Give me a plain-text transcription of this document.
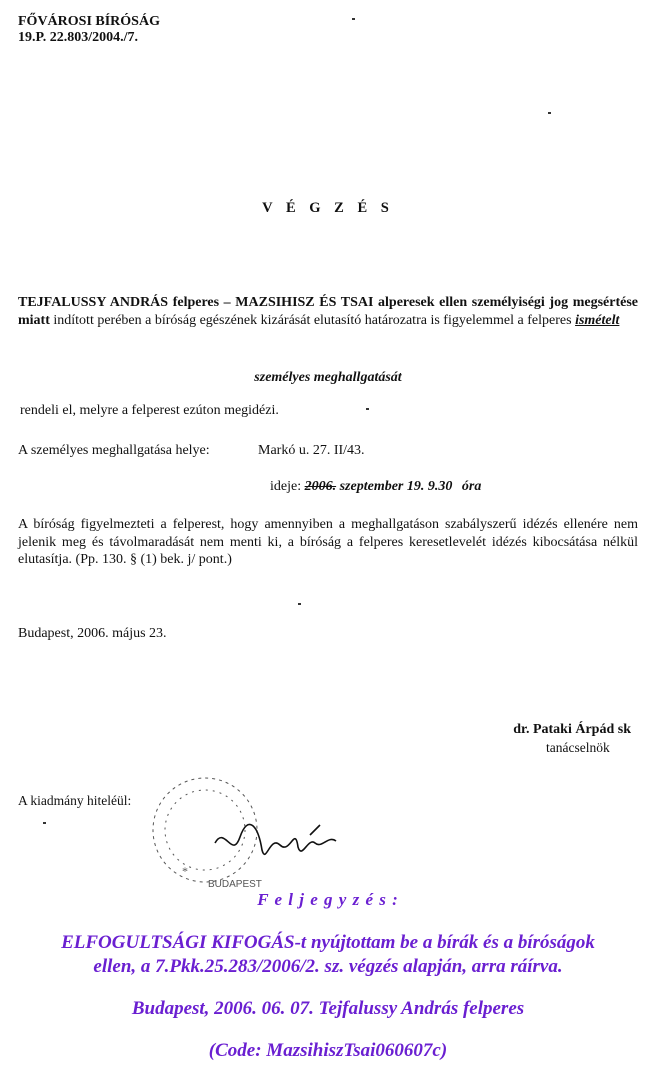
FŐVÁROSI BÍRÓSÁG
19.P. 22.803/2004./7.
V É G Z É S
TEJFALUSSY ANDRÁS felperes – MAZSIHISZ ÉS TSAI alperesek ellen személyiségi jog megsértése miatt indított perében a bíróság egészének kizárását elutasító határozatra is figyelemmel a felperes ismételt
személyes meghallgatását
rendeli el, melyre a felperest ezúton megidézi.
A személyes meghallgatása helye:	Markó u. 27. II/43.
ideje: 2006. szeptember 19. 9.30 óra
A bíróság figyelmezteti a felperest, hogy amennyiben a meghallgatáson szabályszerű idézés ellenére nem jelenik meg és távolmaradását nem menti ki, a bíróság a felperes keresetlevelét idézés kibocsátása nélkül elutasítja. (Pp. 130. § (1) bek. j/ pont.)
Budapest, 2006. május 23.
dr. Pataki Árpád sk
tanácselnök
A kiadmány hiteléül:
BUDAPEST
*
F e l j e g y z é s :
ELFOGULTSÁGI KIFOGÁS-t nyújtottam be a bírák és a bíróságok
ellen, a 7.Pkk.25.283/2006/2. sz. végzés alapján, arra ráírva.
Budapest, 2006. 06. 07. Tejfalussy András felperes
(Code: MazsihiszTsai060607c)
